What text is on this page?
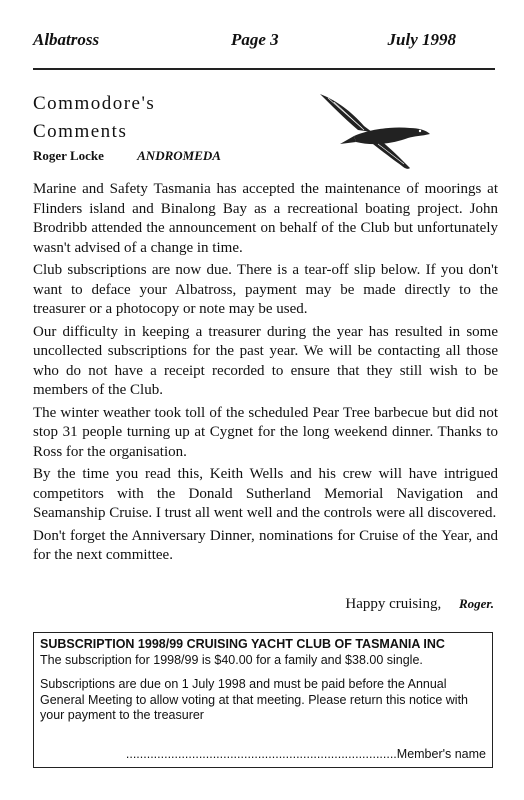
Albatross	Page 3	July 1998
Commodore's
Comments
Roger Locke	ANDROMEDA

Marine and Safety Tasmania has accepted the maintenance of moorings at Flinders island and Binalong Bay as a recreational boating project. John Brodribb attended the announcement on behalf of the Club but unfortunately wasn't advised of a change in time.

Club subscriptions are now due. There is a tear-off slip below. If you don't want to deface your Albatross, payment may be made directly to the treasurer or a photocopy or note may be used.

Our difficulty in keeping a treasurer during the year has resulted in some uncollected subscriptions for the past year. We will be contacting all those who do not have a receipt recorded to ensure that they still wish to be members of the Club.

The winter weather took toll of the scheduled Pear Tree barbecue but did not stop 31 people turning up at Cygnet for the long weekend dinner. Thanks to Ross for the organisation.

By the time you read this, Keith Wells and his crew will have intrigued competitors with the Donald Sutherland Memorial Navigation and Seamanship Cruise. I trust all went well and the controls were all discovered.

Don't forget the Anniversary Dinner, nominations for Cruise of the Year, and for the next committee.

Happy cruising, Roger.

SUBSCRIPTION 1998/99 CRUISING YACHT CLUB OF TASMANIA INC

The subscription for 1998/99 is $40.00 for a family and $38.00 single.

Subscriptions are due on 1 July 1998 and must be paid before the Annual General Meeting to allow voting at that meeting. Please return this notice with your payment to the treasurer

..............................................................................Member's name
